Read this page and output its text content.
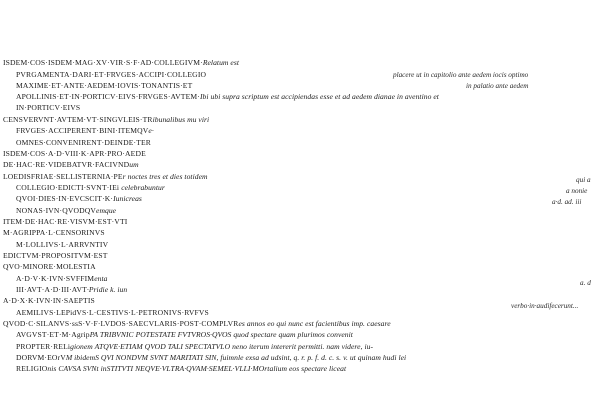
ISDEM·COS·ISDEM·MAG·XV·VIR·S·F·AD·COLLEGIVM·Relatum est
PVRGAMENTA·DARI·ET·FRVGES·ACCIPI·COLLEGIO
MAXIME·ET·ANTE·AEDEM·IOVIS·TONANTIS·ET
APOLLINIS·ET·IN·PORTICV·EIVS·FRVGES·AVTEM·Ibi ubi supra scriptum est accipiendas esse et ad aedem dianae in aventino et
IN·PORTICV·EIVS
CENSVERVNT·AVTEM·VT·SINGVLEIS·TRibunalibus mu viri
FRVGES·ACCIPERENT·BINI·ITEMQVe·
OMNES·CONVENIRENT·DEINDE·TER
ISDEM·COS·A·D·VIII·K·APR·PRO·AEDE
DE·HAC·RE·VIDEBATVR·FACIVNDum
LOEDISFRIAE·SELLISTERNIA·PEr noctes tres et dies totidem
COLLEGIO·EDICTI·SVNT·IEi celebrabuntur
QVOI·DIES·IN·EVCSCIT·K·Iunicreas
NONAS·IVN·QVODQVemque
ITEM·DE·HAC·RE·VISVM·EST·VTI
M·AGRIPPA·L·CENSORINVS
M·LOLLIVS·L·ARRVNTIV
EDICTVM·PROPOSITVM·EST
QVO·MINORE·MOLESTIA
A·D·V·K·IVN·SVFFIMenta
III·AVT·A·D·III·AVT·Pridie k. iun
A·D·X·K·IVN·IN·SAEPTIS
AEMILIVS·LEPidVS·L·CESTIVS·L·PETRONIVS·RVFVS
QVOD·C·SILANVS·ssS·V·F·LVDOS·SAECVLARIS·POST·COMPLVRes annos eo qui nunc est facientibus imp. caesare
AVGVST·ET·M·AgripPA TRIBVNIC POTESTATE FVTVROS·QVOS quod spectare quam plurimos convenit
PROPTER·RELigionem ATQVE·ETIAM QVOD TALI SPECTATVLO neno iterum intererit permitti. nam videre, iu-
DORVM·EOrVM ibidemS QVI NONDVM SVNT MARITATI SIN, fuimnle exsa ad udsint, q. r. p. f. d. c. s. v. ut quinam hudi lei
RELIGIOnis CAVSA SVNt inSTITVTI NEQVE·VLTRA·QVAM·SEMEL·VLLI·MOrtalium eos spectare liceat
placere ut in capitolio ante aedem iocis optimo
in palatio ante aedem
qui a
a nonie
a·d. ad. iii
a. d
verbo·in·audifecerunt...
